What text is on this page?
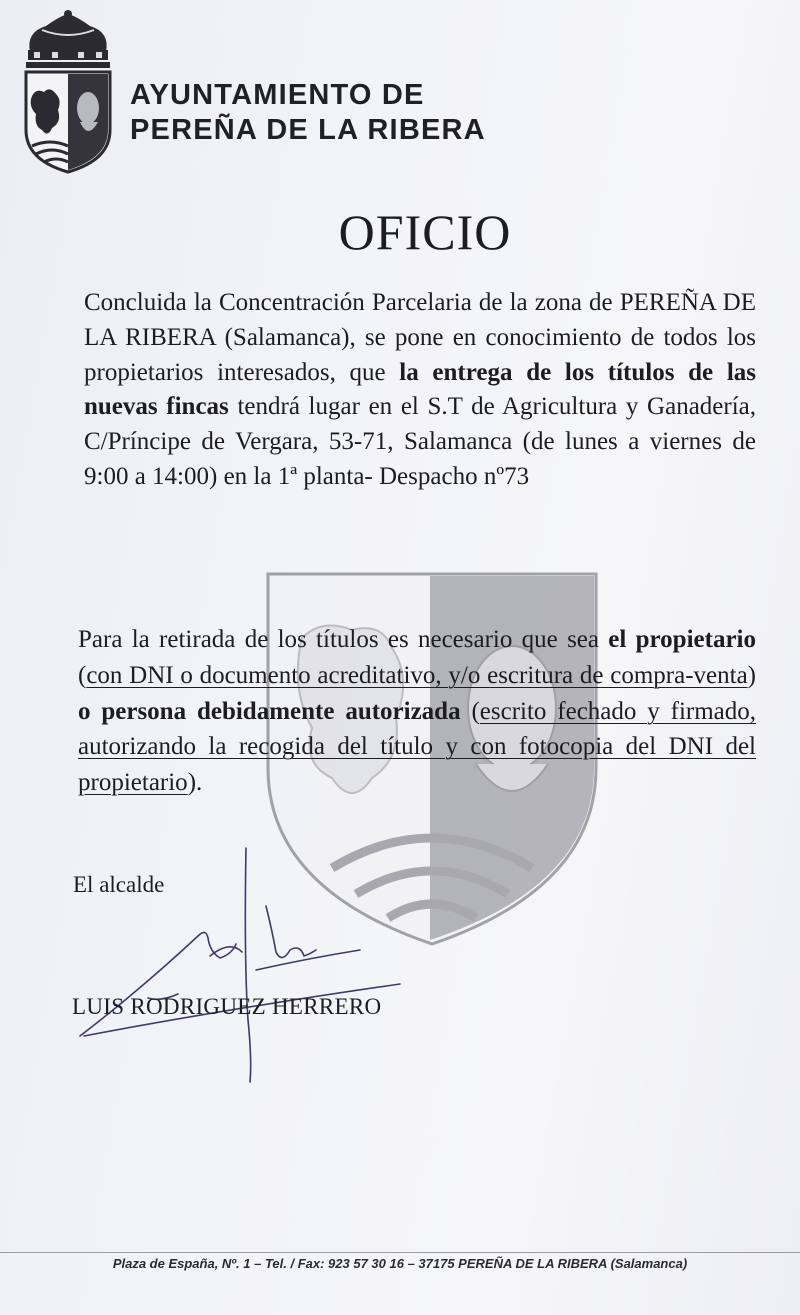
AYUNTAMIENTO DE
PEREÑA DE LA RIBERA
OFICIO
Concluida la Concentración Parcelaria de la zona de PEREÑA DE LA RIBERA (Salamanca), se pone en conocimiento de todos los propietarios interesados, que la entrega de los títulos de las nuevas fincas tendrá lugar en el S.T de Agricultura y Ganadería, C/Príncipe de Vergara, 53-71, Salamanca (de lunes a viernes de 9:00 a 14:00) en la 1ª planta- Despacho nº73
Para la retirada de los títulos es necesario que sea el propietario (con DNI o documento acreditativo, y/o escritura de compra-venta) o persona debidamente autorizada (escrito fechado y firmado, autorizando la recogida del título y con fotocopia del DNI del propietario).
El alcalde
LUIS RODRIGUEZ HERRERO
Plaza de España, Nº. 1 – Tel. / Fax: 923 57 30 16 – 37175 PEREÑA DE LA RIBERA (Salamanca)
